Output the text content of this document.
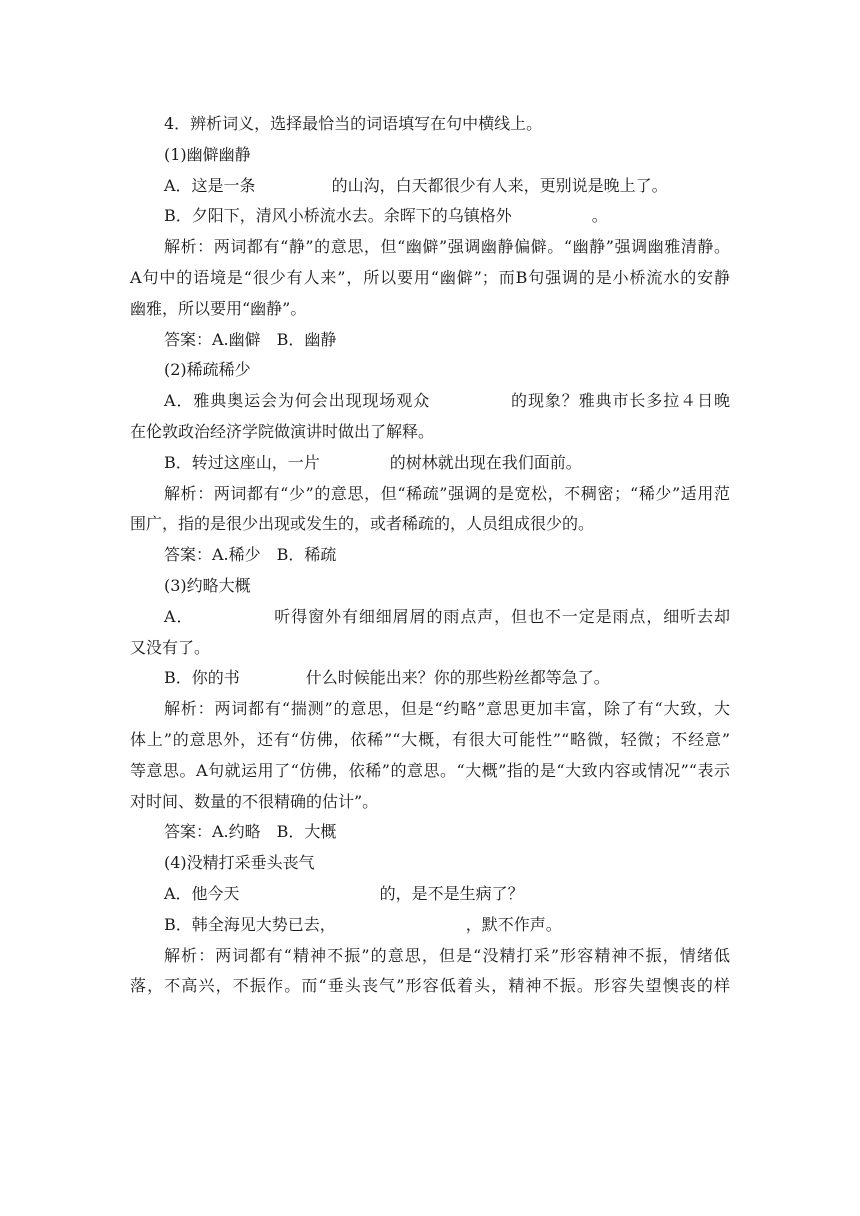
4．辨析词义，选择最恰当的词语填写在句中横线上。
(1)幽僻幽静
A．这是一条	的山沟，白天都很少有人来，更别说是晚上了。
B．夕阳下，清风小桥流水去。余晖下的乌镇格外	。
解析：两词都有“静”的意思，但“幽僻”强调幽静偏僻。“幽静”强调幽雅清静。
A句中的语境是“很少有人来”，所以要用“幽僻”；而B句强调的是小桥流水的安静
幽雅，所以要用“幽静”。
答案：A.幽僻　B．幽静
(2)稀疏稀少
A．雅典奥运会为何会出现现场观众	的现象？雅典市长多拉４日晚
在伦敦政治经济学院做演讲时做出了解释。
B．转过这座山，一片	的树林就出现在我们面前。
解析：两词都有“少”的意思，但“稀疏”强调的是宽松，不稠密；“稀少”适用范
围广，指的是很少出现或发生的，或者稀疏的，人员组成很少的。
答案：A.稀少　B．稀疏
(3)约略大概
A．	听得窗外有细细屑屑的雨点声，但也不一定是雨点，细听去却
又没有了。
B．你的书	什么时候能出来？你的那些粉丝都等急了。
解析：两词都有“揣测”的意思，但是“约略”意思更加丰富，除了有“大致，大
体上”的意思外，还有“仿佛，依稀”“大概，有很大可能性”“略微，轻微；不经意”
等意思。A句就运用了“仿佛，依稀”的意思。“大概”指的是“大致内容或情况”“表示
对时间、数量的不很精确的估计”。
答案：A.约略　B．大概
(4)没精打采垂头丧气
A．他今天	的，是不是生病了？
B．韩全海见大势已去，	，默不作声。
解析：两词都有“精神不振”的意思，但是“没精打采”形容精神不振，情绪低
落，不高兴，不振作。而“垂头丧气”形容低着头，精神不振。形容失望懊丧的样
